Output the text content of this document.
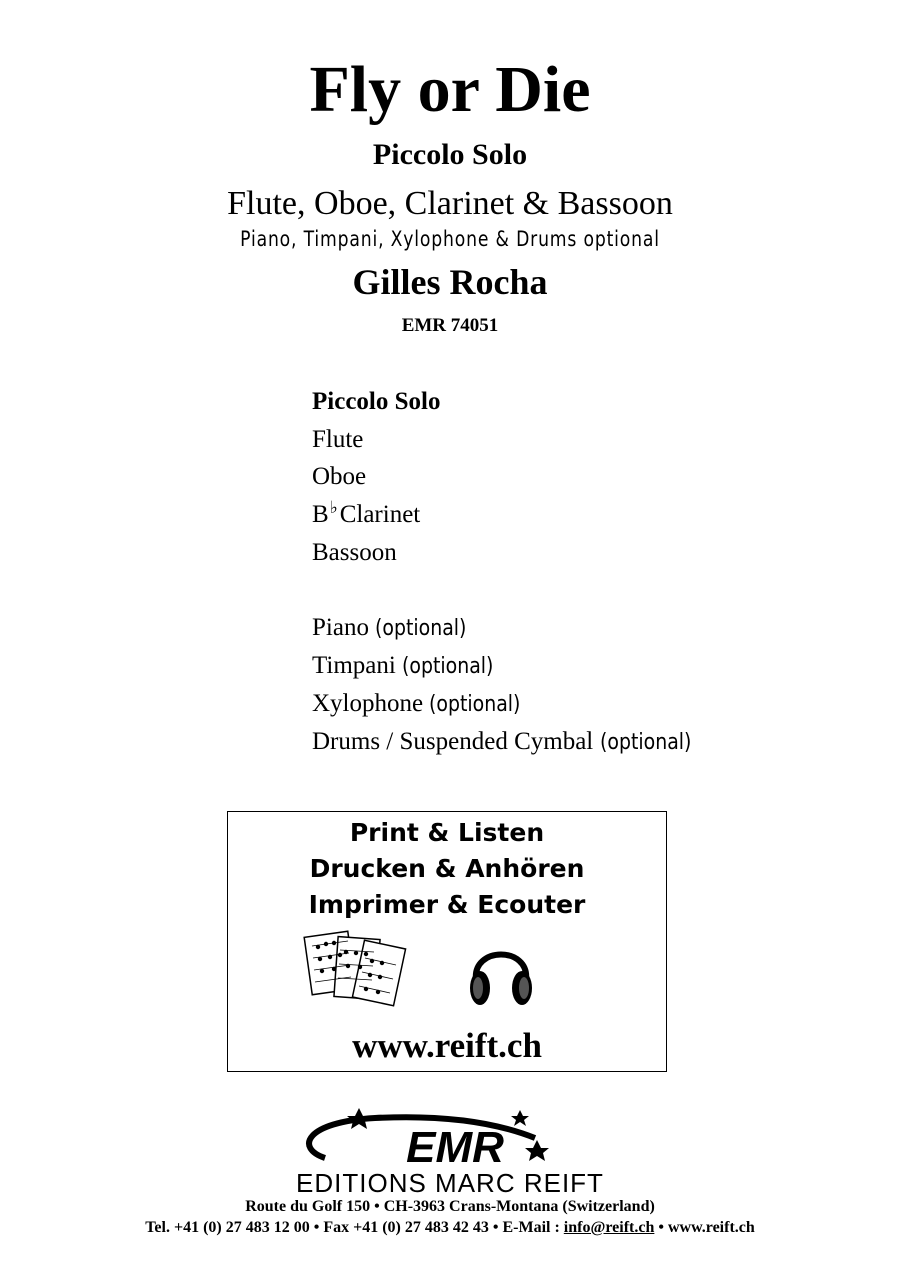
Fly or Die
Piccolo Solo
Flute, Oboe, Clarinet & Bassoon
Piano, Timpani, Xylophone & Drums optional
Gilles Rocha
EMR 74051
Piccolo Solo
Flute
Oboe
B♭Clarinet
Bassoon
Piano (optional)
Timpani (optional)
Xylophone (optional)
Drums / Suspended Cymbal (optional)
Print & Listen
Drucken & Anhören
Imprimer & Ecouter
www.reift.ch
EMR
EDITIONS MARC REIFT
Route du Golf 150 • CH-3963 Crans-Montana (Switzerland)
Tel. +41 (0) 27 483 12 00 • Fax +41 (0) 27 483 42 43 • E-Mail : info@reift.ch • www.reift.ch
